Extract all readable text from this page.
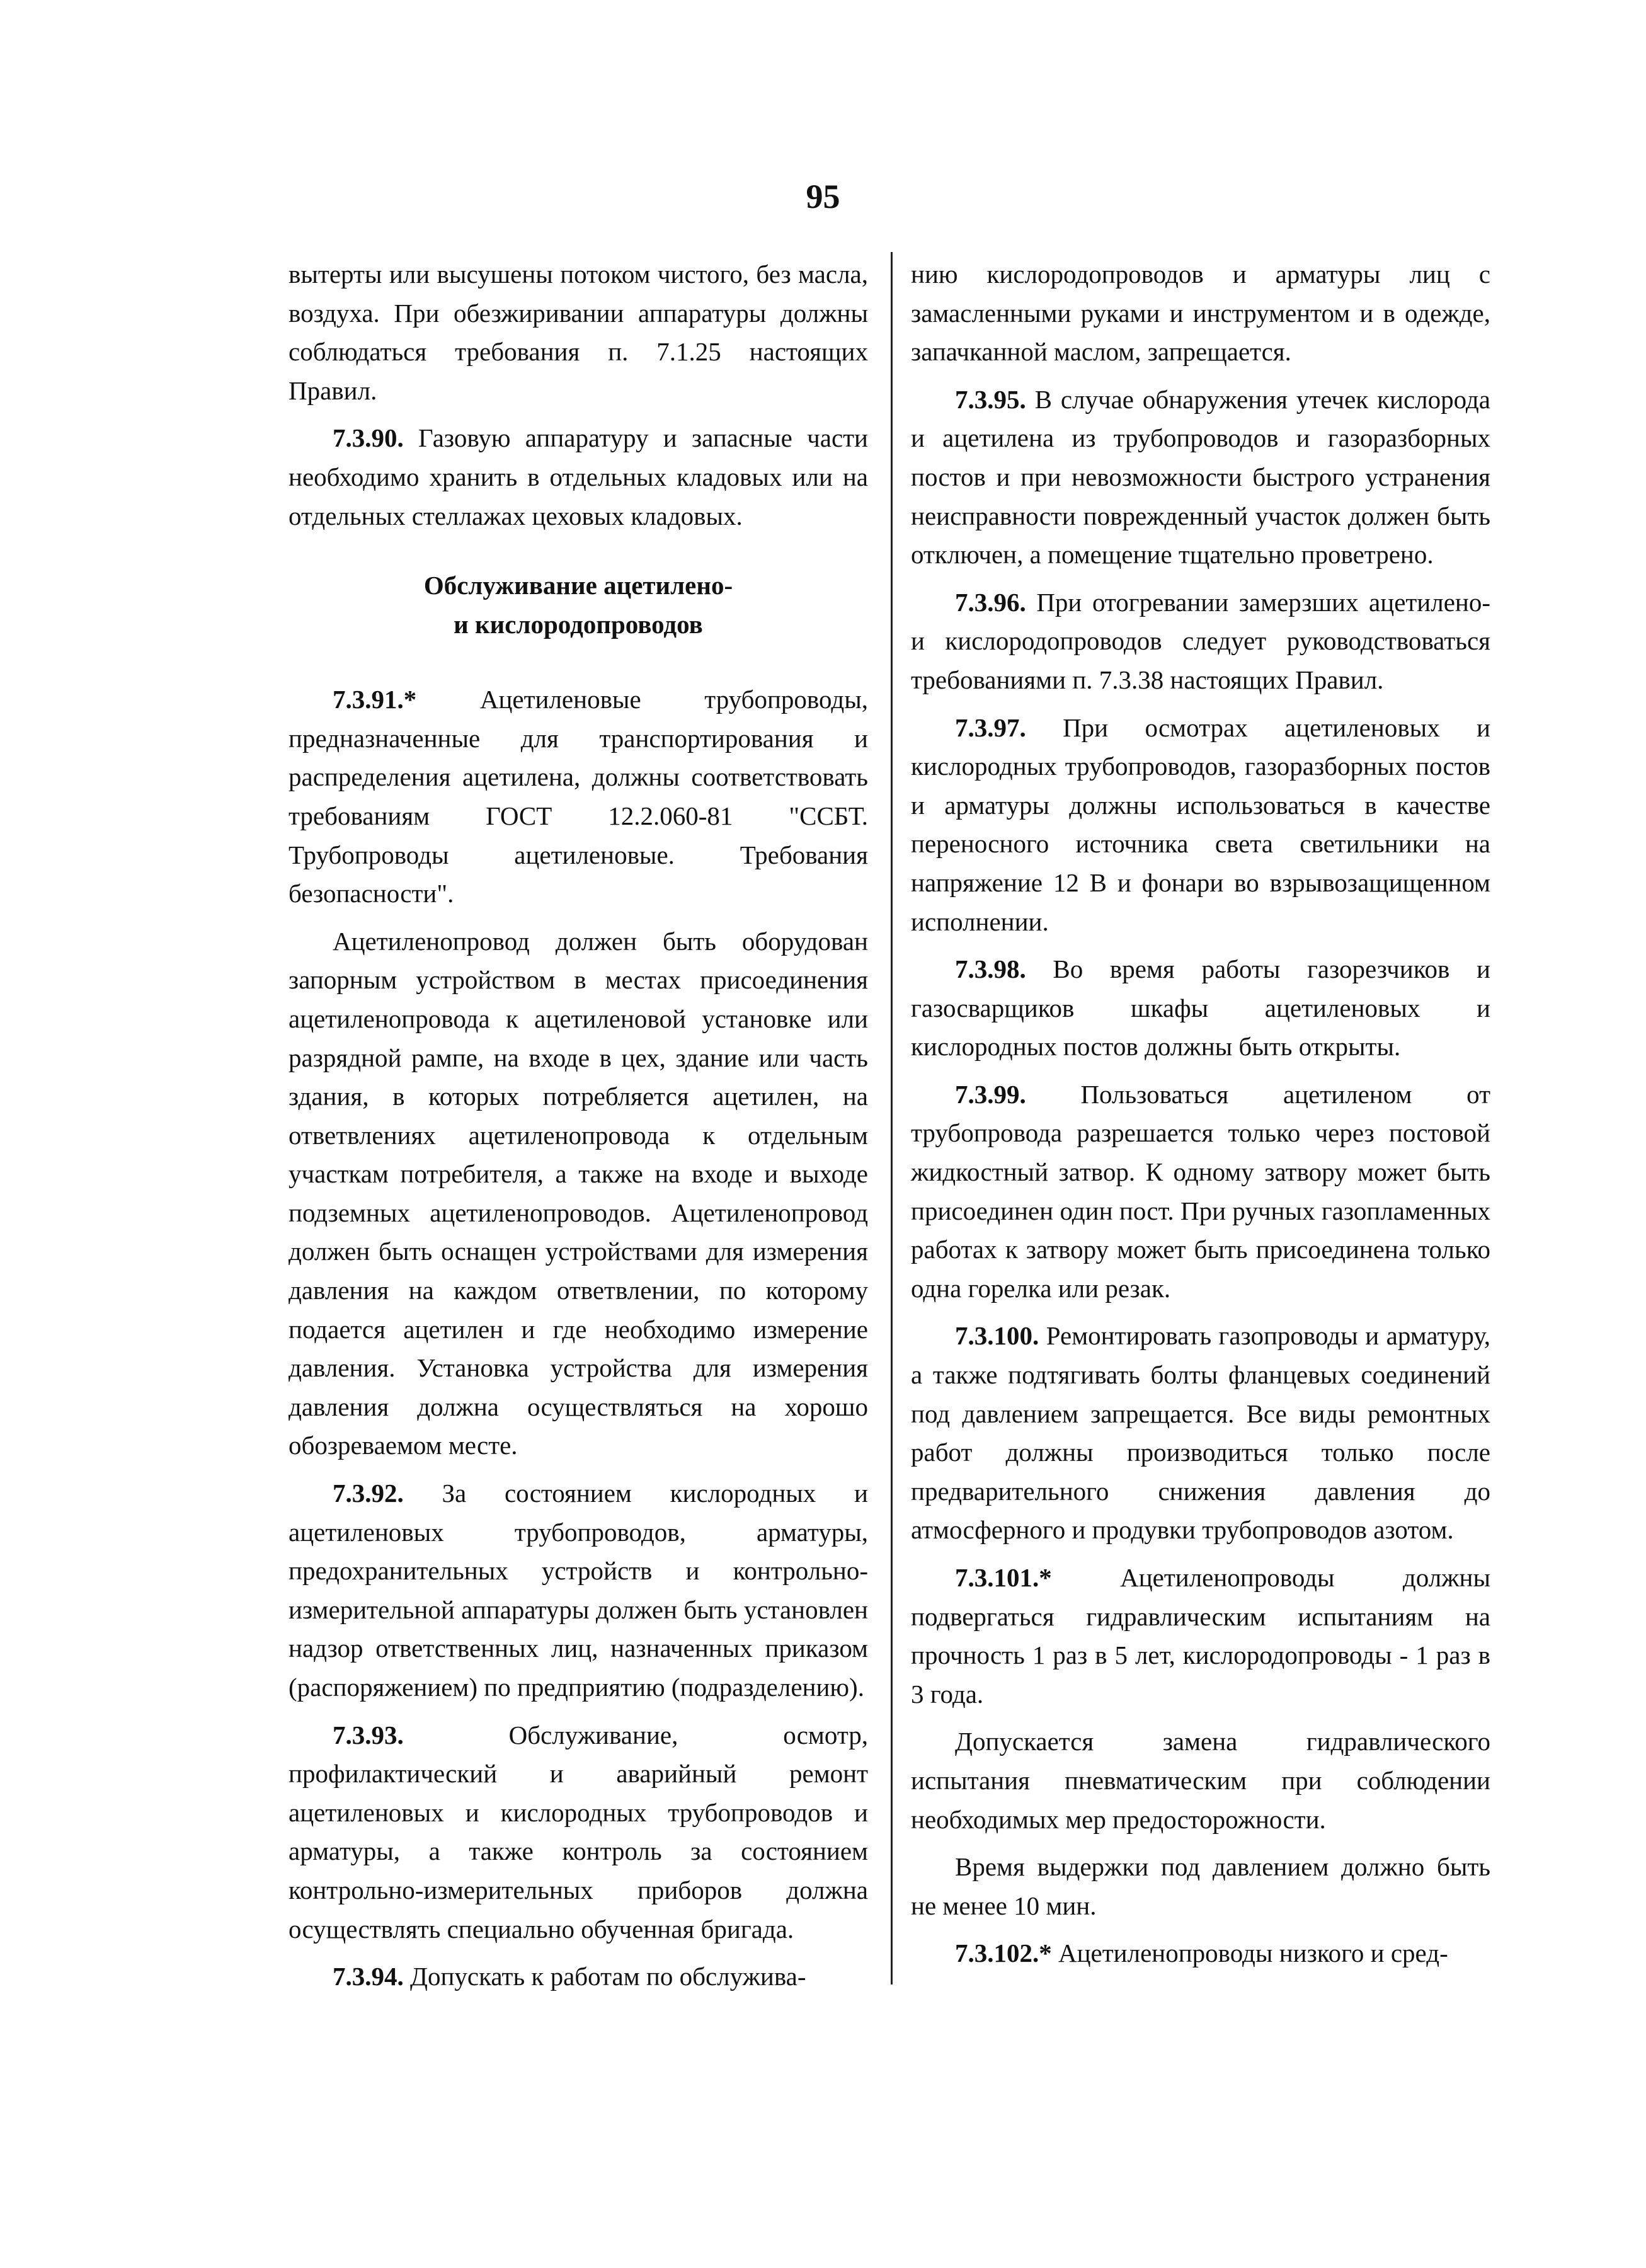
95

вытерты или высушены потоком чистого, без масла, воздуха. При обезжиривании аппаратуры должны соблюдаться требования п. 7.1.25 настоящих Правил.

7.3.90. Газовую аппаратуру и запасные части необходимо хранить в отдельных кладовых или на отдельных стеллажах цеховых кладовых.

Обслуживание ацетилено-
и кислородопроводов

7.3.91.* Ацетиленовые трубопроводы, предназначенные для транспортирования и распределения ацетилена, должны соответствовать требованиям ГОСТ 12.2.060-81 "ССБТ. Трубопроводы ацетиленовые. Требования безопасности".

Ацетиленопровод должен быть оборудован запорным устройством в местах присоединения ацетиленопровода к ацетиленовой установке или разрядной рампе, на входе в цех, здание или часть здания, в которых потребляется ацетилен, на ответвлениях ацетиленопровода к отдельным участкам потребителя, а также на входе и выходе подземных ацетиленопроводов. Ацетиленопровод должен быть оснащен устройствами для измерения давления на каждом ответвлении, по которому подается ацетилен и где необходимо измерение давления. Установка устройства для измерения давления должна осуществляться на хорошо обозреваемом месте.

7.3.92. За состоянием кислородных и ацетиленовых трубопроводов, арматуры, предохранительных устройств и контрольно-измерительной аппаратуры должен быть установлен надзор ответственных лиц, назначенных приказом (распоряжением) по предприятию (подразделению).

7.3.93. Обслуживание, осмотр, профилактический и аварийный ремонт ацетиленовых и кислородных трубопроводов и арматуры, а также контроль за состоянием контрольно-измерительных приборов должна осуществлять специально обученная бригада.

7.3.94. Допускать к работам по обслужива-

нию кислородопроводов и арматуры лиц с замасленными руками и инструментом и в одежде, запачканной маслом, запрещается.

7.3.95. В случае обнаружения утечек кислорода и ацетилена из трубопроводов и газоразборных постов и при невозможности быстрого устранения неисправности поврежденный участок должен быть отключен, а помещение тщательно проветрено.

7.3.96. При отогревании замерзших ацетилено- и кислородопроводов следует руководствоваться требованиями п. 7.3.38 настоящих Правил.

7.3.97. При осмотрах ацетиленовых и кислородных трубопроводов, газоразборных постов и арматуры должны использоваться в качестве переносного источника света светильники на напряжение 12 В и фонари во взрывозащищенном исполнении.

7.3.98. Во время работы газорезчиков и газосварщиков шкафы ацетиленовых и кислородных постов должны быть открыты.

7.3.99. Пользоваться ацетиленом от трубопровода разрешается только через постовой жидкостный затвор. К одному затвору может быть присоединен один пост. При ручных газопламенных работах к затвору может быть присоединена только одна горелка или резак.

7.3.100. Ремонтировать газопроводы и арматуру, а также подтягивать болты фланцевых соединений под давлением запрещается. Все виды ремонтных работ должны производиться только после предварительного снижения давления до атмосферного и продувки трубопроводов азотом.

7.3.101.* Ацетиленопроводы должны подвергаться гидравлическим испытаниям на прочность 1 раз в 5 лет, кислородопроводы - 1 раз в 3 года.

Допускается замена гидравлического испытания пневматическим при соблюдении необходимых мер предосторожности.

Время выдержки под давлением должно быть не менее 10 мин.

7.3.102.* Ацетиленопроводы низкого и сред-
